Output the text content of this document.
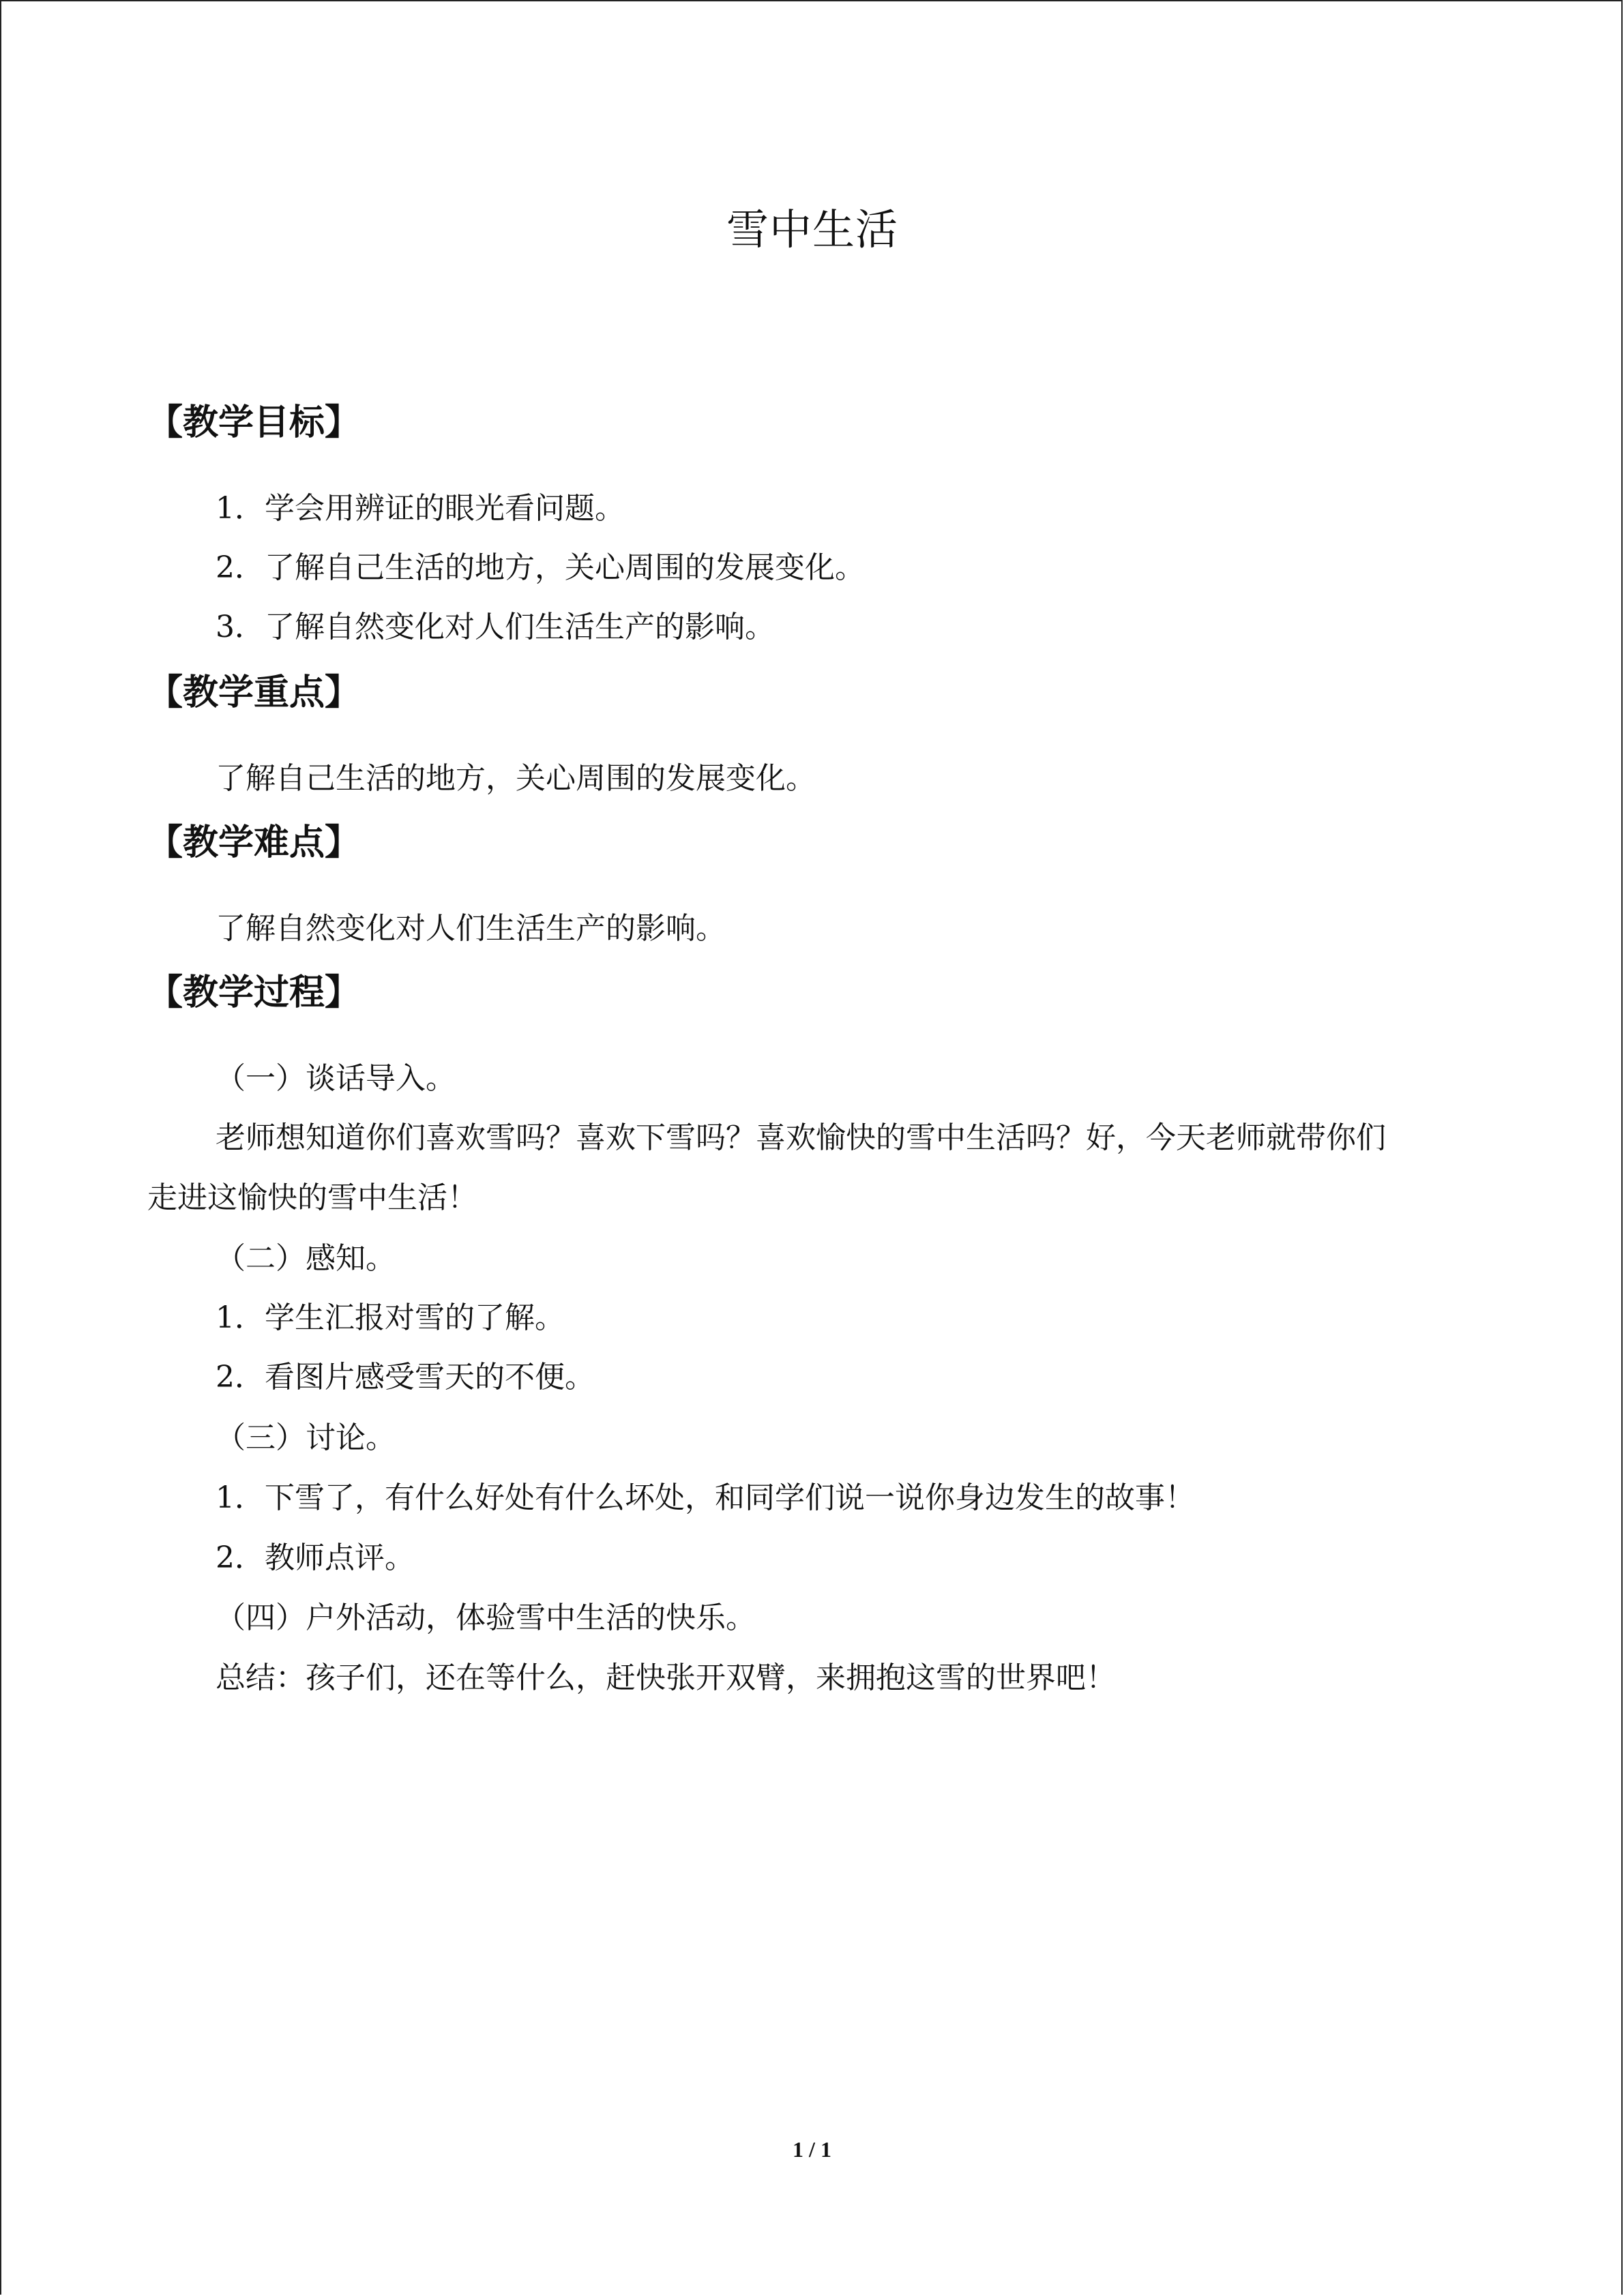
雪中生活
【教学目标】
1．学会用辨证的眼光看问题。
2．了解自己生活的地方，关心周围的发展变化。
3．了解自然变化对人们生活生产的影响。
【教学重点】
了解自己生活的地方，关心周围的发展变化。
【教学难点】
了解自然变化对人们生活生产的影响。
【教学过程】
（一）谈话导入。
老师想知道你们喜欢雪吗？喜欢下雪吗？喜欢愉快的雪中生活吗？好，今天老师就带你们走进这愉快的雪中生活！
（二）感知。
1．学生汇报对雪的了解。
2．看图片感受雪天的不便。
（三）讨论。
1．下雪了，有什么好处有什么坏处，和同学们说一说你身边发生的故事！
2．教师点评。
（四）户外活动，体验雪中生活的快乐。
总结：孩子们，还在等什么，赶快张开双臂，来拥抱这雪的世界吧！
1 / 1
